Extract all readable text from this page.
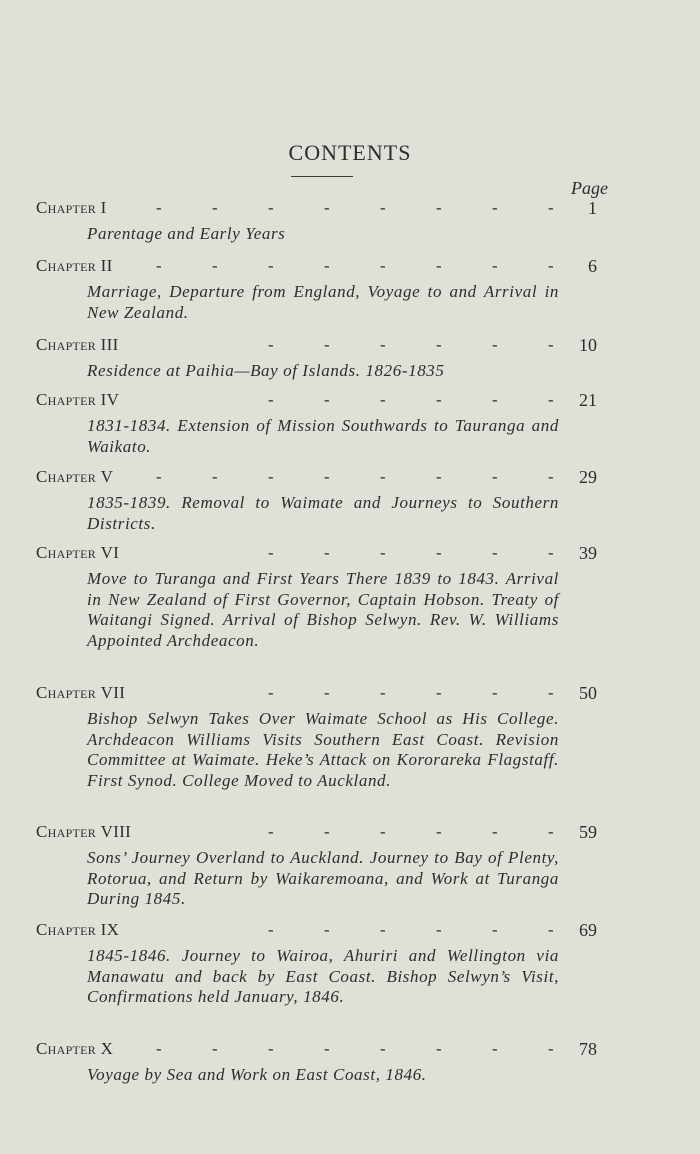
CONTENTS
Page
Chapter I	-	-	-	-	-	-	-	- 1
Parentage and Early Years
Chapter II	-	-	-	-	-	-	-	- 6
Marriage, Departure from England, Voyage to and Arrival in New Zealand.
Chapter III	-	-	-	-	-	- 10
Residence at Paihia—Bay of Islands. 1826-1835
Chapter IV	-	-	-	-	-	- 21
1831-1834. Extension of Mission Southwards to Tauranga and Waikato.
Chapter V	-	-	-	-	-	-	-	- 29
1835-1839. Removal to Waimate and Journeys to Southern Districts.
Chapter VI	-	-	-	-	-	- 39
Move to Turanga and First Years There 1839 to 1843. Arrival in New Zealand of First Governor, Captain Hobson. Treaty of Waitangi Signed. Arrival of Bishop Selwyn. Rev. W. Williams Appointed Archdeacon.
Chapter VII	-	-	-	-	-	- 50
Bishop Selwyn Takes Over Waimate School as His College. Archdeacon Williams Visits Southern East Coast. Revision Committee at Waimate. Heke’s Attack on Kororareka Flagstaff. First Synod. College Moved to Auckland.
Chapter VIII	-	-	-	-	-	- 59
Sons’ Journey Overland to Auckland. Journey to Bay of Plenty, Rotorua, and Return by Waikaremoana, and Work at Turanga During 1845.
Chapter IX	-	-	-	-	-	- 69
1845-1846. Journey to Wairoa, Ahuriri and Wellington via Manawatu and back by East Coast. Bishop Selwyn’s Visit, Confirmations held January, 1846.
Chapter X	-	-	-	-	-	-	-	- 78
Voyage by Sea and Work on East Coast, 1846.
